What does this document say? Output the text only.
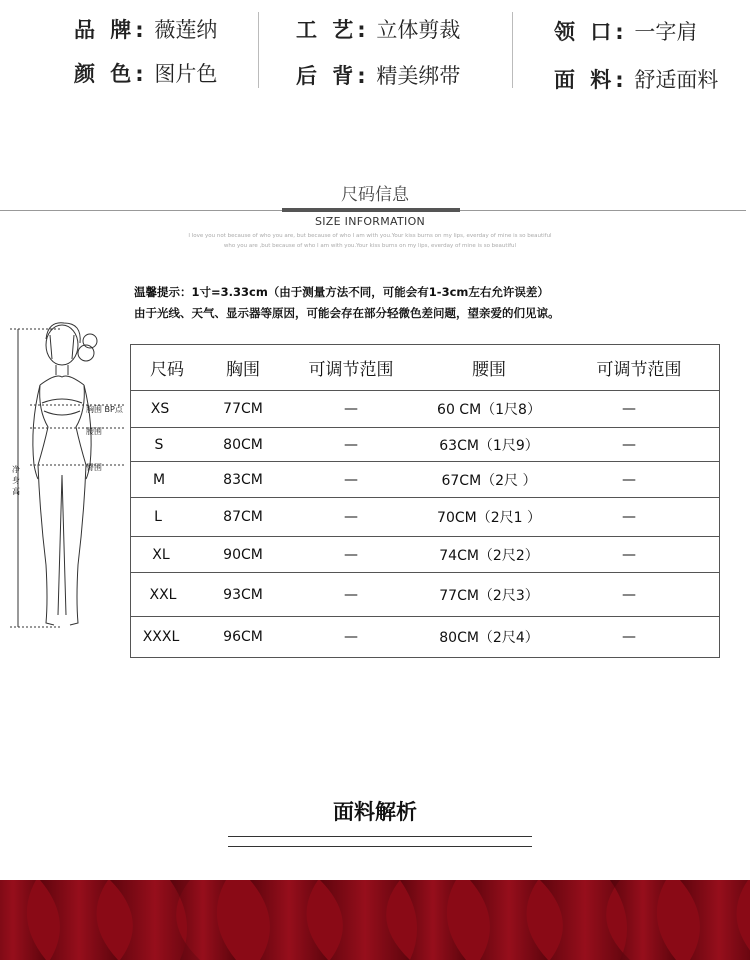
品 牌: 薇莲纳
颜 色: 图片色
工 艺: 立体剪裁
后 背: 精美绑带
领 口: 一字肩
面 料: 舒适面料
尺码信息
SIZE INFORMATION
I love you not because of who you are, but because of who I am with you.Your kiss burns on my lips, everday of mine is so beautiful
who you are ,but because of who I am with you.Your kiss burns on my lips, everday of mine is so beautiful
温馨提示：1寸=3.33cm（由于测量方法不同，可能会有1-3cm左右允许误差）
由于光线、天气、显示器等原因，可能会存在部分轻微色差问题，望亲爱的们见谅。
胸围 BP点
腰围
臀围
净身高
尺码	胸围	可调节范围	腰围	可调节范围
XS	77CM	—	60 CM（1尺8）	—
S	80CM	—	63CM（1尺9）	—
M	83CM	—	67CM（2尺 ）	—
L	87CM	—	70CM（2尺1 ）	—
XL	90CM	—	74CM（2尺2）	—
XXL	93CM	—	77CM（2尺3）	—
XXXL	96CM	—	80CM（2尺4）	—
面料解析
